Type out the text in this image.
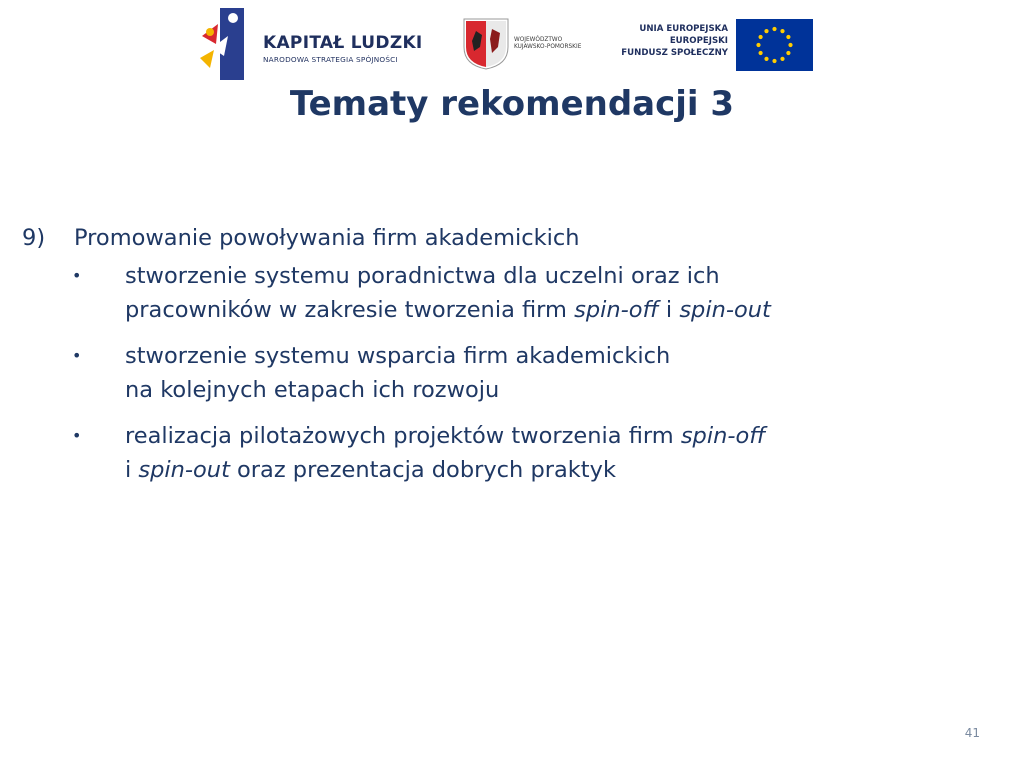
KAPITAŁ LUDZKI
NARODOWA STRATEGIA SPÓJNOŚCI
WOJEWÓDZTWO
KUJAWSKO-POMORSKIE
UNIA EUROPEJSKA
EUROPEJSKI
FUNDUSZ SPOŁECZNY
Tematy rekomendacji 3
9)	Promowanie powoływania firm akademickich
•	stworzenie systemu poradnictwa dla uczelni oraz ich
pracowników w zakresie tworzenia firm spin-off i spin-out
•	stworzenie systemu wsparcia firm akademickich
na kolejnych etapach ich rozwoju
•	realizacja pilotażowych projektów tworzenia firm spin-off
i spin-out oraz prezentacja dobrych praktyk
41
